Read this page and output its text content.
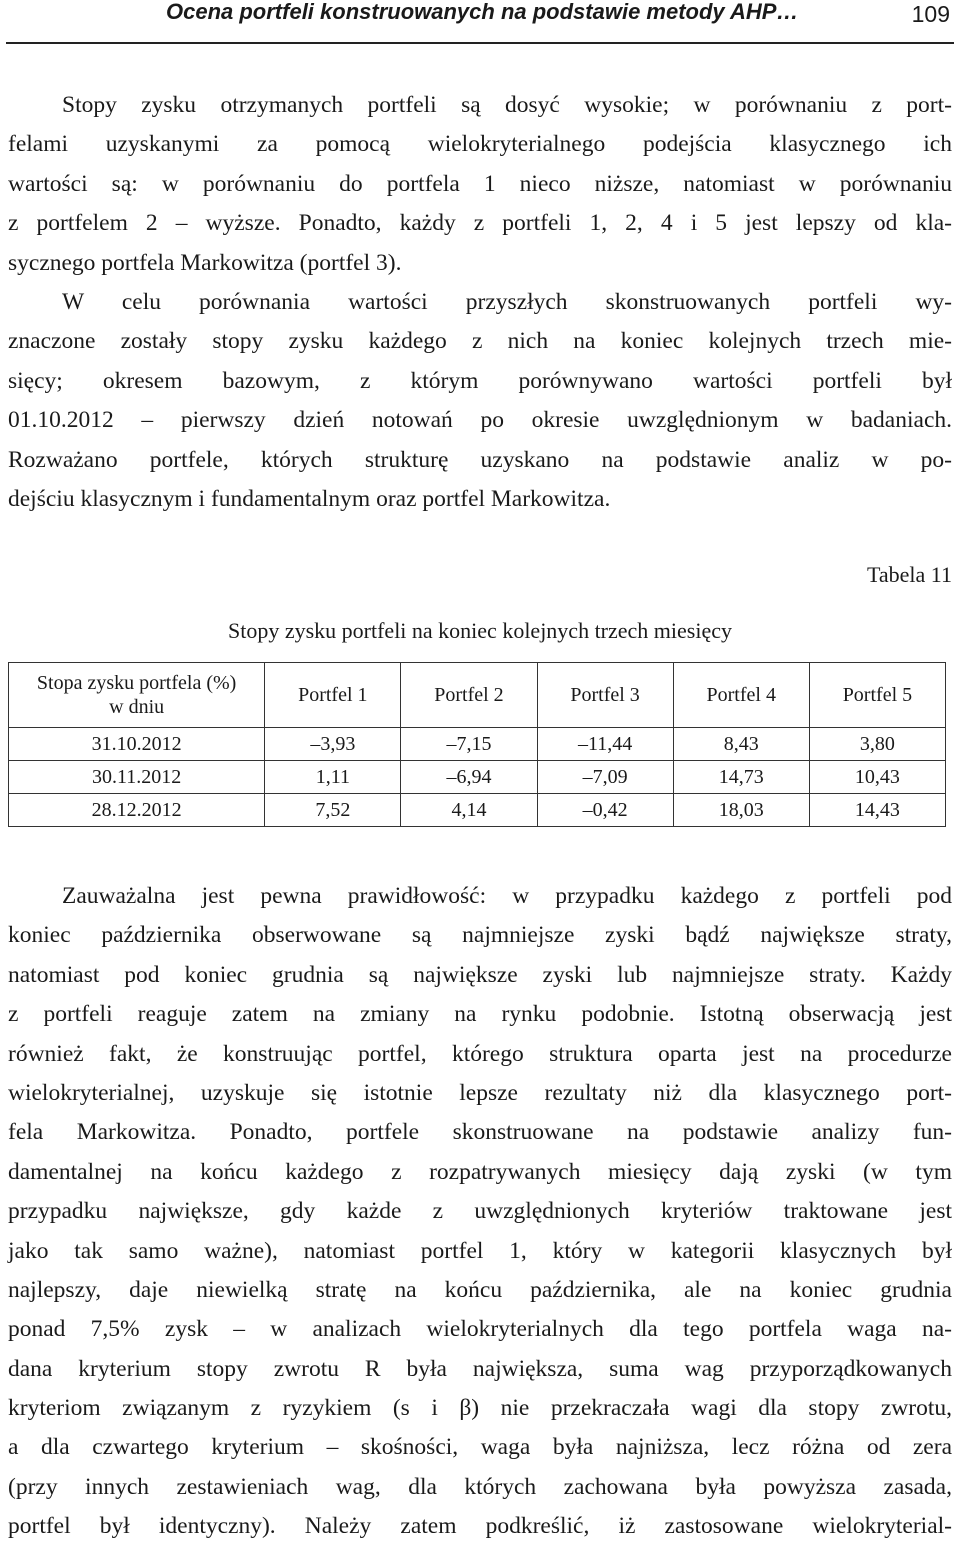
Ocena portfeli konstruowanych na podstawie metody AHP…	109
Stopy zysku otrzymanych portfeli są dosyć wysokie; w porównaniu z port-
felami uzyskanymi za pomocą wielokryterialnego podejścia klasycznego ich
wartości są: w porównaniu do portfela 1 nieco niższe, natomiast w porównaniu
z portfelem 2 – wyższe. Ponadto, każdy z portfeli 1, 2, 4 i 5 jest lepszy od kla-
sycznego portfela Markowitza (portfel 3).
W celu porównania wartości przyszłych skonstruowanych portfeli wy-
znaczone zostały stopy zysku każdego z nich na koniec kolejnych trzech mie-
sięcy; okresem bazowym, z którym porównywano wartości portfeli był
01.10.2012 – pierwszy dzień notowań po okresie uwzględnionym w badaniach.
Rozważano portfele, których strukturę uzyskano na podstawie analiz w po-
dejściu klasycznym i fundamentalnym oraz portfel Markowitza.
Tabela 11
Stopy zysku portfeli na koniec kolejnych trzech miesięcy
Stopa zysku portfela (%)
w dniu	Portfel 1	Portfel 2	Portfel 3	Portfel 4	Portfel 5
31.10.2012	–3,93	–7,15	–11,44	8,43	3,80
30.11.2012	1,11	–6,94	–7,09	14,73	10,43
28.12.2012	7,52	4,14	–0,42	18,03	14,43
Zauważalna jest pewna prawidłowość: w przypadku każdego z portfeli pod
koniec października obserwowane są najmniejsze zyski bądź największe straty,
natomiast pod koniec grudnia są największe zyski lub najmniejsze straty. Każdy
z portfeli reaguje zatem na zmiany na rynku podobnie. Istotną obserwacją jest
również fakt, że konstruując portfel, którego struktura oparta jest na procedurze
wielokryterialnej, uzyskuje się istotnie lepsze rezultaty niż dla klasycznego port-
fela Markowitza. Ponadto, portfele skonstruowane na podstawie analizy fun-
damentalnej na końcu każdego z rozpatrywanych miesięcy dają zyski (w tym
przypadku największe, gdy każde z uwzględnionych kryteriów traktowane jest
jako tak samo ważne), natomiast portfel 1, który w kategorii klasycznych był
najlepszy, daje niewielką stratę na końcu października, ale na koniec grudnia
ponad 7,5% zysk – w analizach wielokryterialnych dla tego portfela waga na-
dana kryterium stopy zwrotu R była największa, suma wag przyporządkowanych
kryteriom związanym z ryzykiem (s i β) nie przekraczała wagi dla stopy zwrotu,
a dla czwartego kryterium – skośności, waga była najniższa, lecz różna od zera
(przy innych zestawieniach wag, dla których zachowana była powyższa zasada,
portfel był identyczny). Należy zatem podkreślić, iż zastosowane wielokryterial-
